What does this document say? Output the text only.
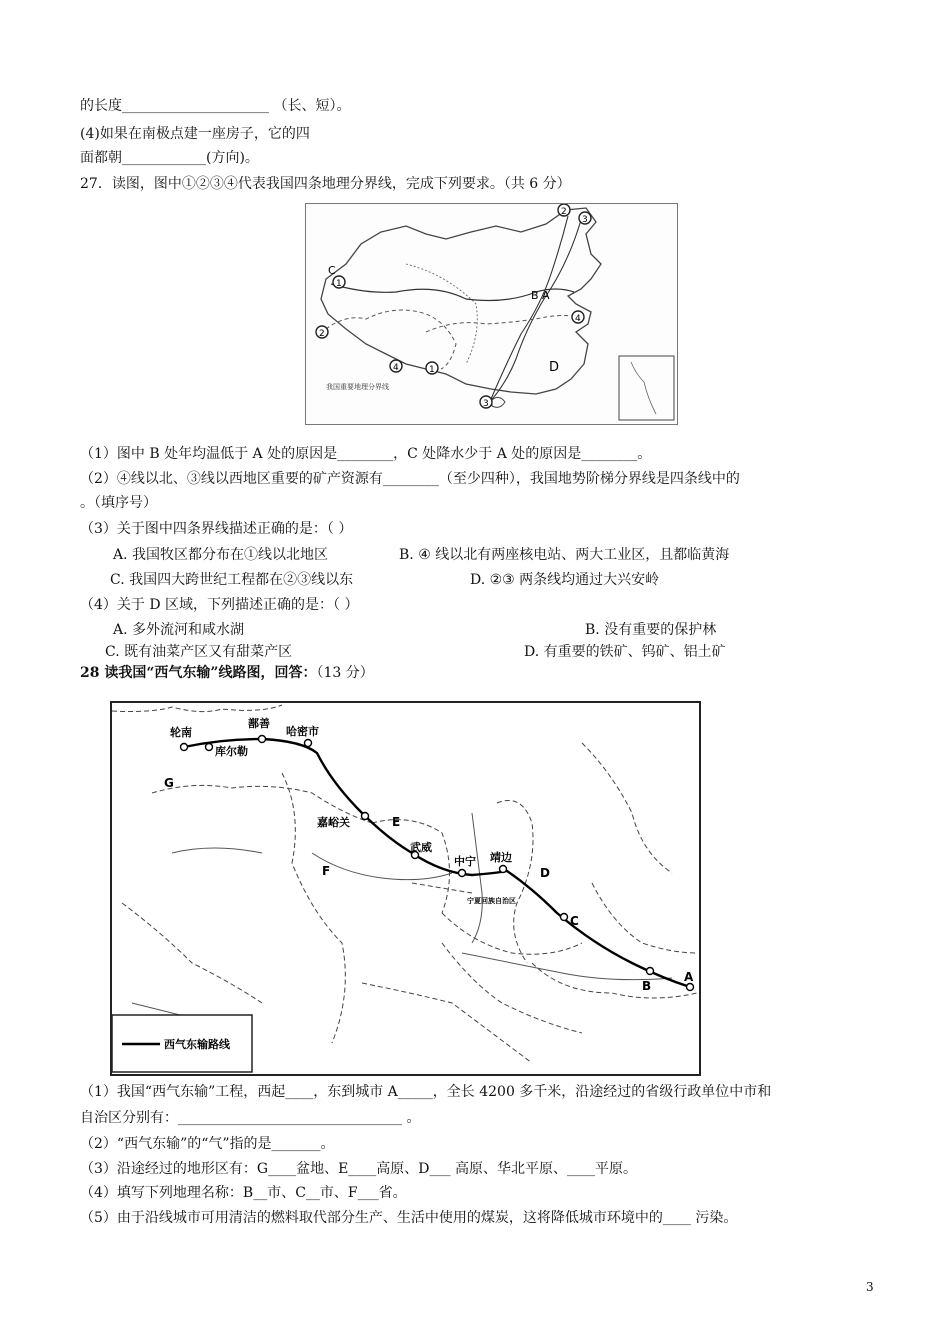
的长度_____________________ （长、短）。
(4)如果在南极点建一座房子，它的四
面都朝____________(方向)。
27．读图，图中①②③④代表我国四条地理分界线，完成下列要求。（共 6 分）
2
3
1
2
4
4	1
3
C
B A
D
我国重要地理分界线
（1）图中 B 处年均温低于 A 处的原因是________，C 处降水少于 A 处的原因是________。
（2）④线以北、③线以西地区重要的矿产资源有________（至少四种），我国地势阶梯分界线是四条线中的
。（填序号）
（3）关于图中四条界线描述正确的是：（ ）
A. 我国牧区都分布在①线以北地区	B. ④ 线以北有两座核电站、两大工业区，且都临黄海
C. 我国四大跨世纪工程都在②③线以东	D. ②③ 两条线均通过大兴安岭
（4）关于 D 区域，下列描述正确的是：（ ）
A. 多外流河和咸水湖	B. 没有重要的保护林
C. 既有油菜产区又有甜菜产区	D. 有重要的铁矿、钨矿、铝土矿
28 读我国“西气东输”线路图，回答：（13 分）
轮南
鄯善
哈密市
库尔勒
嘉峪关
武威
中宁 靖边
宁夏回族自治区
G
E
F	D
C
B
A
西气东输路线
（1）我国“西气东输”工程，西起____，东到城市 A_____，全长 4200 多千米，沿途经过的省级行政单位中市和
自治区分别有：________________________________ 。
（2）“西气东输”的“气”指的是_______。
（3）沿途经过的地形区有：G____盆地、E____高原、D___ 高原、华北平原、____平原。
（4）填写下列地理名称：B__市、C__市、F___省。
（5）由于沿线城市可用清洁的燃料取代部分生产、生活中使用的煤炭，这将降低城市环境中的____ 污染。
3
